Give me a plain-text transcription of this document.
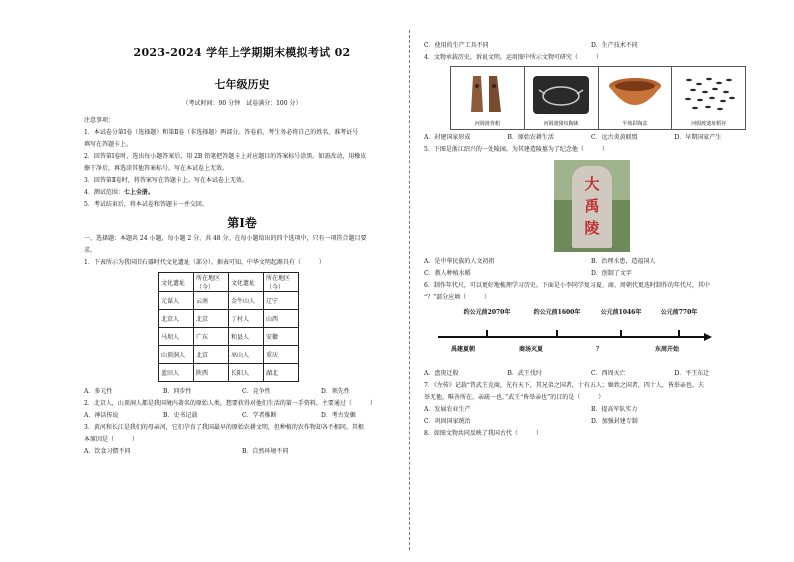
2023-2024 学年上学期期末模拟考试 02
七年级历史
（考试时间：90 分钟　试卷满分：100 分）
注意事项：
1．本试卷分第Ⅰ卷（选择题）和第Ⅱ卷（非选择题）两部分。答卷前，考生务必将自己的姓名、准考证号
填写在答题卡上。
2．回答第Ⅰ卷时，选出每小题答案后，用 2B 铅笔把答题卡上对应题目的答案标号涂黑。如需改动，用橡皮
擦干净后，再选涂其他答案标号。写在本试卷上无效。
3．回答第Ⅱ卷时，将答案写在答题卡上。写在本试卷上无效。
4．测试范围：七上全册。
5．考试结束后，将本试卷和答题卡一并交回。
第Ⅰ卷
一、选择题：本题共 24 小题，每小题 2 分，共 48 分。在每小题给出的四个选项中，只有一项符合题目要
求。
1．下表所示为我国旧石器时代文化遗址（部分）。据表可知，中华文明起源具有（　　　）
文化遗址	所在地区（今）	文化遗址	所在地区（今）
元谋人	云南	金牛山人	辽宁
北京人	北京	丁村人	山西
马坝人	广东	和县人	安徽
山顶洞人	北京	巫山人	重庆
蓝田人	陕西	长阳人	湖北
A．多元性	B．同步性	C．竞争性	D．领先性
2．北京人，山顶洞人都是我国境内著名的原始人类，想要获得对他们生活的第一手资料，主要通过（　　　）
A．神话传说	B．史书记载	C．学者推断	D．考古发掘
3．黄河和长江是我们的母亲河，它们孕育了我国最早的原始农耕文明，但种植的农作物却各不相同。其根
本原因是（　　　）
A．饮食习惯不同	B．自然环境不同
C．使用的生产工具不同	D．生产技术不同
4．文物承载历史，诉说文明。运用图中所示文物可研究（　　　）
河姆渡骨耜	河姆渡猪纹陶钵	半坡彩陶盆	河姆渡遗址稻谷
A．封建国家形成	B．原始农耕生活	C．远古炎黄联盟	D．早期国家产生
5．下图是浙江绍兴的一处陵园。为其建造陵墓为了纪念他（　　　）
大
禹
陵
A．是中华民族的人文初祖	B．治理水患，造福国人
C．教人种植水稻	D．创制了文字
6．制作年代尺，可以更好地梳理学习历史。下面是小李同学复习夏、商、周朝代更迭时制作的年代尺，其中
“？”部分应填（　　　）
约公元前2070年	约公元前1600年	公元前1046年	公元前770年
禹建夏朝	商汤灭夏	？	东周开始
A．盘庚迁殷	B．武王伐纣	C．西周灭亡	D．平王东迁
7．《左传》记载“昔武王克商，光有天下，其兄弟之国者，十有五人；姬姓之国者，四十人，皆举亲也。夫
举无他，唯善所在，亲疏一也。”武王“皆举亲也”的目的是（　　　）
A．发展农业生产	B．提高军队实力
C．巩固国家统治	D．加强封建专制
8．如图文物共同反映了我国古代（　　　）
